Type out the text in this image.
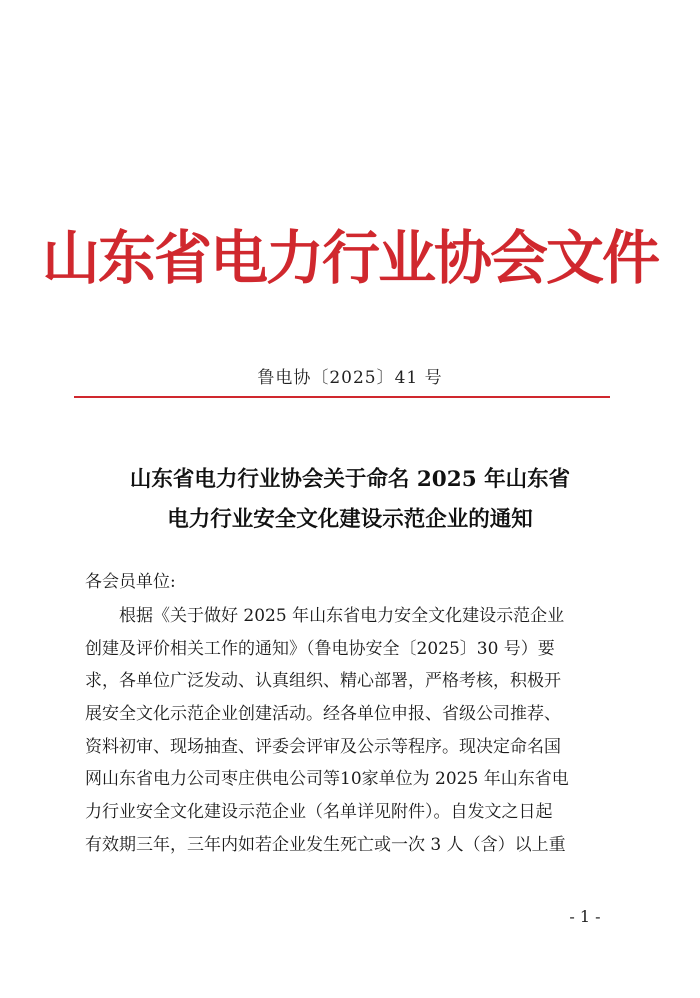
山东省电力行业协会文件
鲁电协〔2025〕41 号
山东省电力行业协会关于命名 2025 年山东省
电力行业安全文化建设示范企业的通知
各会员单位:
根据《关于做好 2025 年山东省电力安全文化建设示范企业
创建及评价相关工作的通知》（鲁电协安全〔2025〕30 号）要
求，各单位广泛发动、认真组织、精心部署，严格考核，积极开
展安全文化示范企业创建活动。经各单位申报、省级公司推荐、
资料初审、现场抽查、评委会评审及公示等程序。现决定命名国
网山东省电力公司枣庄供电公司等10家单位为 2025 年山东省电
力行业安全文化建设示范企业（名单详见附件）。自发文之日起
有效期三年，三年内如若企业发生死亡或一次 3 人（含）以上重
- 1 -
